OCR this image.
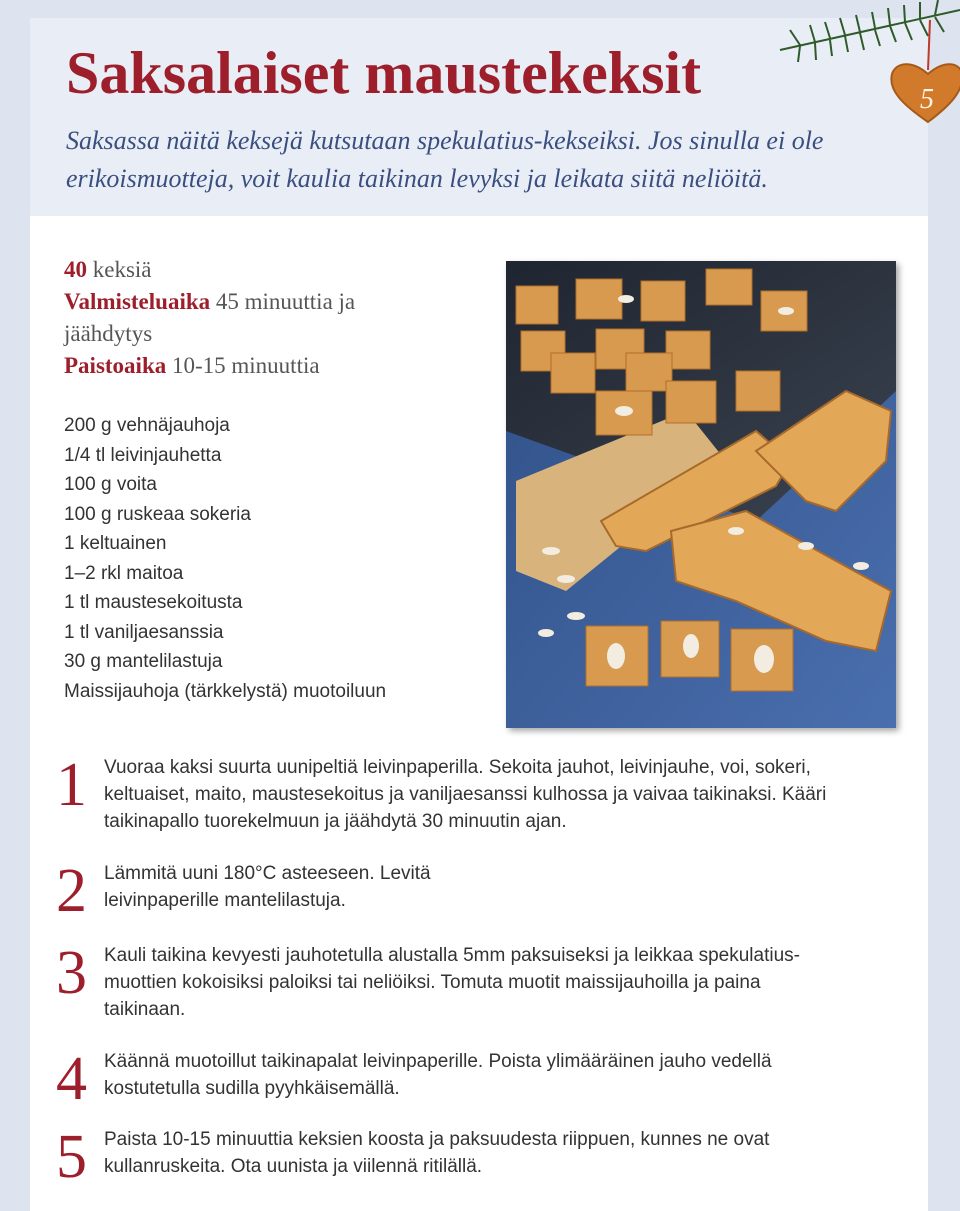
Saksalaiset maustekeksit

Saksassa näitä keksejä kutsutaan spekulatius-kekseiksi. Jos sinulla ei ole erikoismuotteja, voit kaulia taikinan levyksi ja leikata siitä neliöitä.

40 keksiä
Valmisteluaika 45 minuuttia ja jäähdytys
Paistoaika 10-15 minuuttia
200 g vehnäjauhoja
1/4 tl leivinjauhetta
100 g voita
100 g ruskeaa sokeria
1 keltuainen
1–2 rkl maitoa
1 tl maustesekoitusta
1 tl vaniljaesanssia
30 g mantelilastuja
Maissijauhoja (tärkkelystä) muotoiluun
1 Vuoraa kaksi suurta uunipeltiä leivinpaperilla. Sekoita jauhot, leivinjauhe, voi, sokeri, keltuaiset, maito, maustesekoitus ja vaniljaesanssi kulhossa ja vaivaa taikinaksi. Kääri taikinapallo tuorekelmuun ja jäähdytä 30 minuutin ajan.
2 Lämmitä uuni 180°C asteeseen. Levitä leivinpaperille mantelilastuja.
3 Kauli taikina kevyesti jauhotetulla alustalla 5mm paksuiseksi ja leikkaa spekulatius-muottien kokoisiksi paloiksi tai neliöiksi. Tomuta muotit maissijauhoilla ja paina taikinaan.
4 Käännä muotoillut taikinapalat leivinpaperille. Poista ylimääräinen jauho vedellä kostutetulla sudilla pyyhkäisemällä.
5 Paista 10-15 minuuttia keksien koosta ja paksuudesta riippuen, kunnes ne ovat kullanruskeita. Ota uunista ja viilennä ritilällä.
5
